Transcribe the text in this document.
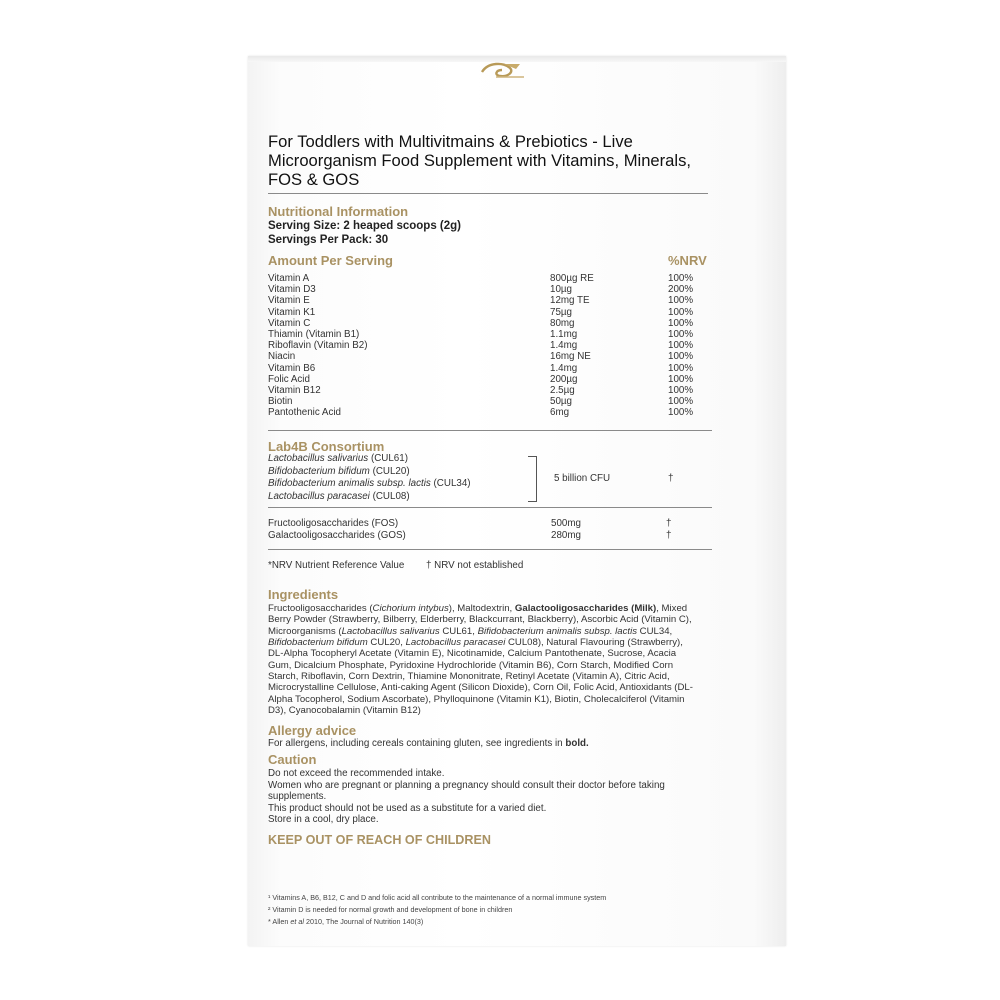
For Toddlers with Multivitmains & Prebiotics - Live Microorganism Food Supplement with Vitamins, Minerals, FOS & GOS
Nutritional Information
Serving Size: 2 heaped scoops (2g)
Servings Per Pack: 30
Amount Per Serving	%NRV
Vitamin A	800µg RE	100%
Vitamin D3	10µg	200%
Vitamin E	12mg TE	100%
Vitamin K1	75µg	100%
Vitamin C	80mg	100%
Thiamin (Vitamin B1)	1.1mg	100%
Riboflavin (Vitamin B2)	1.4mg	100%
Niacin	16mg NE	100%
Vitamin B6	1.4mg	100%
Folic Acid	200µg	100%
Vitamin B12	2.5µg	100%
Biotin	50µg	100%
Pantothenic Acid	6mg	100%
Lab4B Consortium
Lactobacillus salivarius (CUL61)
Bifidobacterium bifidum (CUL20)
Bifidobacterium animalis subsp. lactis (CUL34)
Lactobacillus paracasei (CUL08)
5 billion CFU	†
Fructooligosaccharides (FOS)	500mg	†
Galactooligosaccharides (GOS)	280mg	†
*NRV Nutrient Reference Value † NRV not established
Ingredients
Fructooligosaccharides (Cichorium intybus), Maltodextrin, Galactooligosaccharides (Milk), Mixed Berry Powder (Strawberry, Bilberry, Elderberry, Blackcurrant, Blackberry), Ascorbic Acid (Vitamin C), Microorganisms (Lactobacillus salivarius CUL61, Bifidobacterium animalis subsp. lactis CUL34, Bifidobacterium bifidum CUL20, Lactobacillus paracasei CUL08), Natural Flavouring (Strawberry), DL-Alpha Tocopheryl Acetate (Vitamin E), Nicotinamide, Calcium Pantothenate, Sucrose, Acacia Gum, Dicalcium Phosphate, Pyridoxine Hydrochloride (Vitamin B6), Corn Starch, Modified Corn Starch, Riboflavin, Corn Dextrin, Thiamine Mononitrate, Retinyl Acetate (Vitamin A), Citric Acid, Microcrystalline Cellulose, Anti-caking Agent (Silicon Dioxide), Corn Oil, Folic Acid, Antioxidants (DL-Alpha Tocopherol, Sodium Ascorbate), Phylloquinone (Vitamin K1), Biotin, Cholecalciferol (Vitamin D3), Cyanocobalamin (Vitamin B12)
Allergy advice
For allergens, including cereals containing gluten, see ingredients in bold.
Caution
Do not exceed the recommended intake.
Women who are pregnant or planning a pregnancy should consult their doctor before taking
supplements.
This product should not be used as a substitute for a varied diet.
Store in a cool, dry place.
KEEP OUT OF REACH OF CHILDREN
¹ Vitamins A, B6, B12, C and D and folic acid all contribute to the maintenance of a normal immune system
² Vitamin D is needed for normal growth and development of bone in children
* Allen et al 2010, The Journal of Nutrition 140(3)
